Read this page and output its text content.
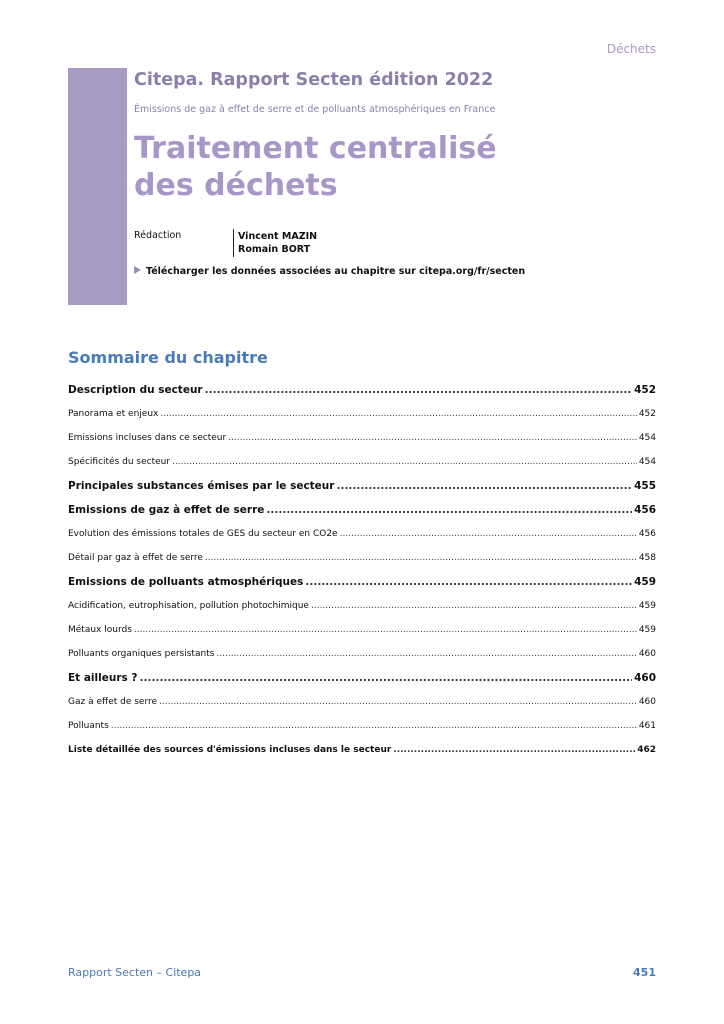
Déchets
Citepa. Rapport Secten édition 2022
Émissions de gaz à effet de serre et de polluants atmosphériques en France
Traitement centralisé
des déchets
Rédaction	Vincent MAZIN
Romain BORT
Télécharger les données associées au chapitre sur citepa.org/fr/secten
Sommaire du chapitre
Description du secteur .....	452
Panorama et enjeux .....	452
Emissions incluses dans ce secteur .....	454
Spécificités du secteur .....	454
Principales substances émises par le secteur .....	455
Emissions de gaz à effet de serre .....	456
Evolution des émissions totales de GES du secteur en CO2e .....	456
Détail par gaz à effet de serre .....	458
Emissions de polluants atmosphériques .....	459
Acidification, eutrophisation, pollution photochimique .....	459
Métaux lourds .....	459
Polluants organiques persistants .....	460
Et ailleurs ? .....	460
Gaz à effet de serre .....	460
Polluants .....	461
Liste détaillée des sources d'émissions incluses dans le secteur .....	462
Rapport Secten – Citepa	451
